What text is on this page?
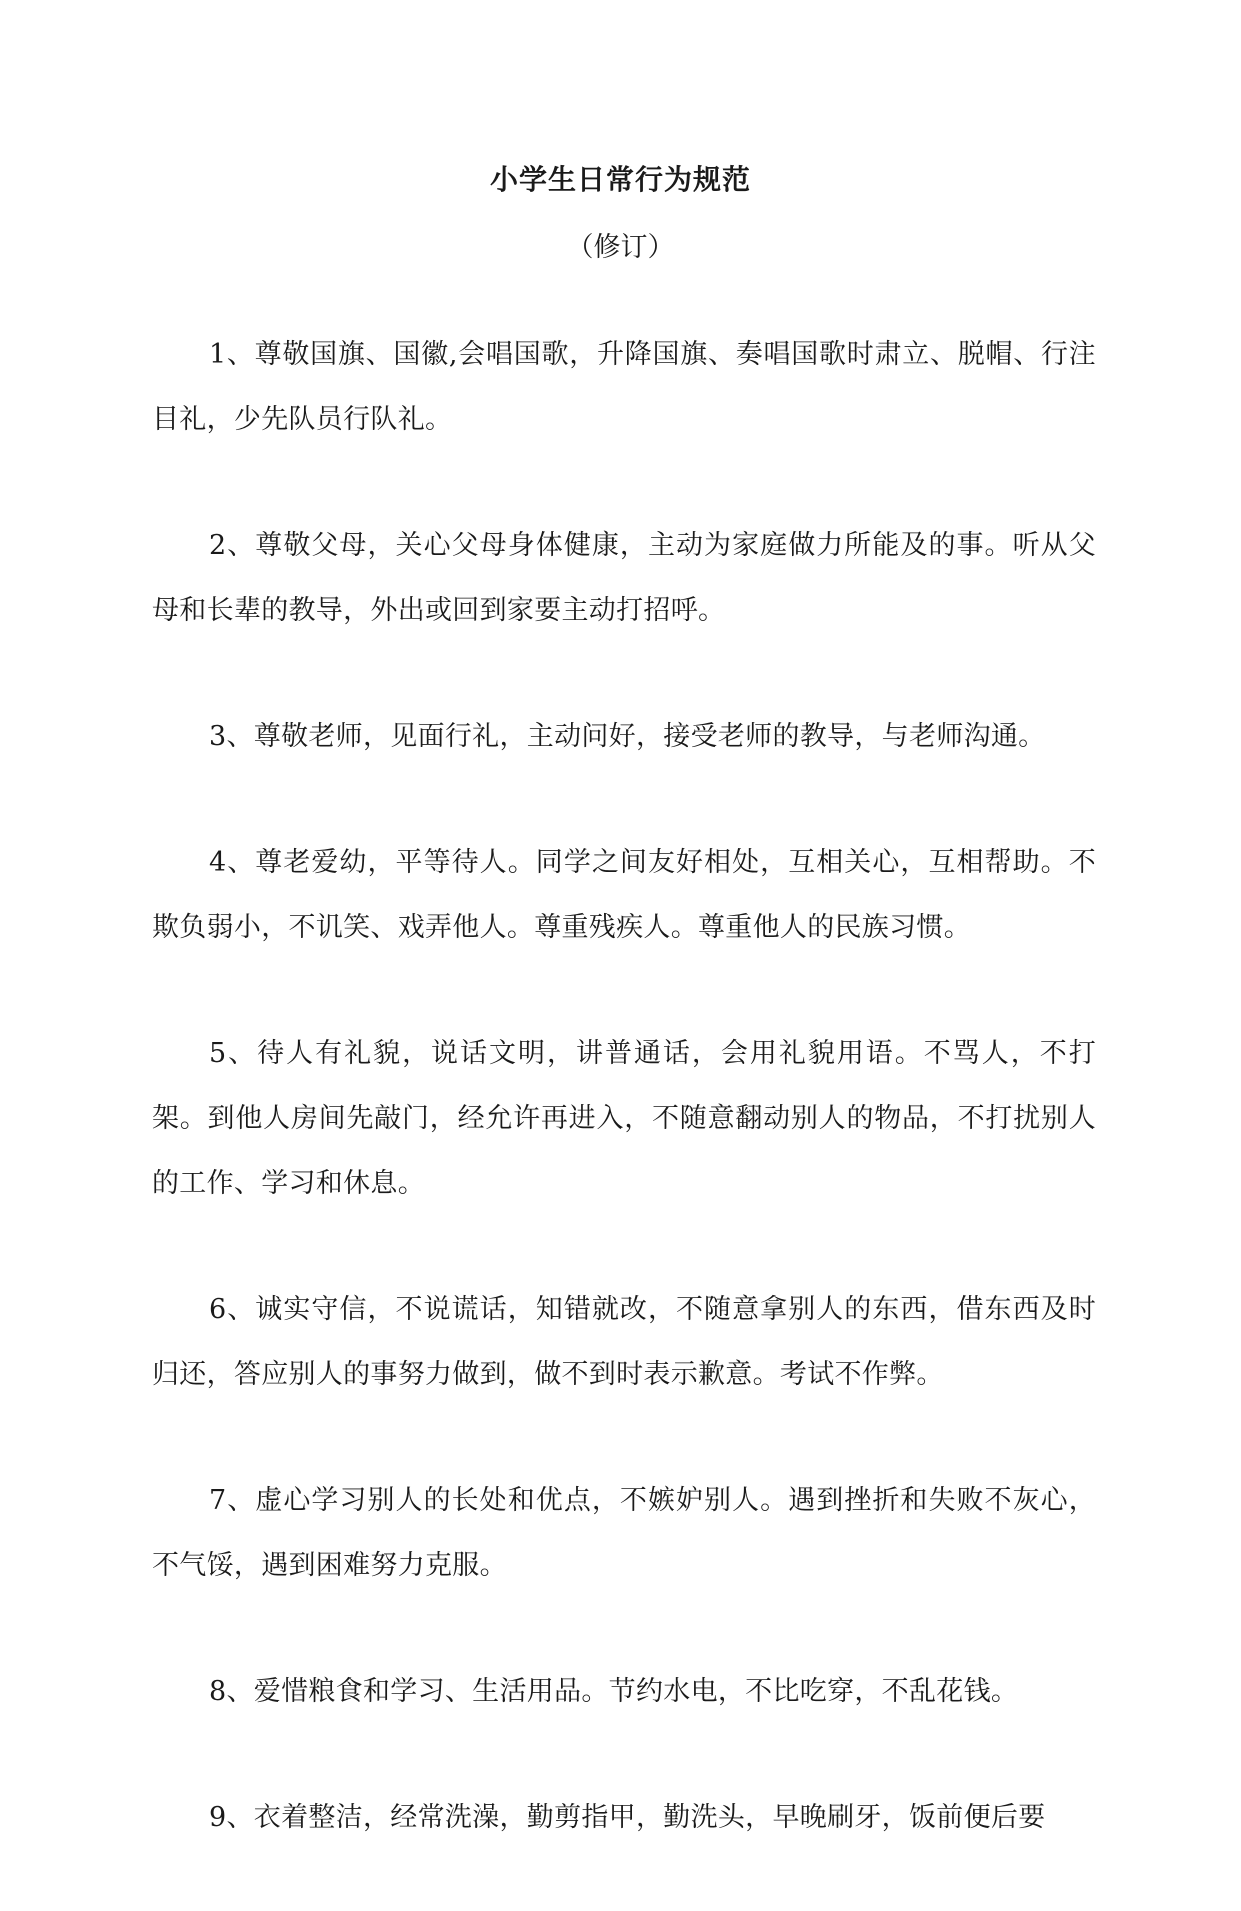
小学生日常行为规范
（修订）

1、尊敬国旗、国徽,会唱国歌，升降国旗、奏唱国歌时肃立、脱帽、行注目礼，少先队员行队礼。

2、尊敬父母，关心父母身体健康，主动为家庭做力所能及的事。听从父母和长辈的教导，外出或回到家要主动打招呼。

3、尊敬老师，见面行礼，主动问好，接受老师的教导，与老师沟通。

4、尊老爱幼，平等待人。同学之间友好相处，互相关心，互相帮助。不欺负弱小，不讥笑、戏弄他人。尊重残疾人。尊重他人的民族习惯。

5、待人有礼貌，说话文明，讲普通话，会用礼貌用语。不骂人，不打架。到他人房间先敲门，经允许再进入，不随意翻动别人的物品，不打扰别人的工作、学习和休息。

6、诚实守信，不说谎话，知错就改，不随意拿别人的东西，借东西及时归还，答应别人的事努力做到，做不到时表示歉意。考试不作弊。

7、虚心学习别人的长处和优点，不嫉妒别人。遇到挫折和失败不灰心，不气馁，遇到困难努力克服。

8、爱惜粮食和学习、生活用品。节约水电，不比吃穿，不乱花钱。

9、衣着整洁，经常洗澡，勤剪指甲，勤洗头，早晚刷牙，饭前便后要
